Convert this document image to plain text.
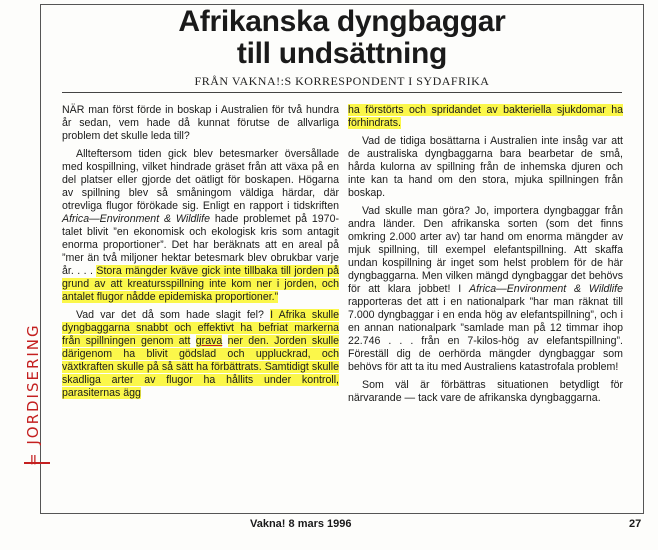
Afrikanska dyngbaggar
till undsättning

FRÅN VAKNA!:S KORRESPONDENT I SYDAFRIKA

NÄR man först förde in boskap i Australien för två hundra år sedan, vem hade då kunnat förutse de allvarliga problem det skulle leda till?

Allteftersom tiden gick blev betesmarker översållade med kospillning, vilket hindrade gräset från att växa på en del platser eller gjorde det oätligt för boskapen. Högarna av spillning blev så småningom väldiga härdar, där otrevliga flugor förökade sig. Enligt en rapport i tidskriften Africa—Environment & Wildlife hade problemet på 1970-talet blivit ”en ekonomisk och ekologisk kris som antagit enorma proportioner”. Det har beräknats att en areal på ”mer än två miljoner hektar betesmark blev obrukbar varje år. . . . Stora mängder kväve gick inte tillbaka till jorden på grund av att kreatursspillning inte kom ner i jorden, och antalet flugor nådde epidemiska proportioner.”

Vad var det då som hade slagit fel? I Afrika skulle dyngbaggarna snabbt och effektivt ha befriat markerna från spillningen genom att grava ner den. Jorden skulle därigenom ha blivit gödslad och uppluckrad, och växtkraften skulle på så sätt ha förbättrats. Samtidigt skulle skadliga arter av flugor ha hållits under kontroll, parasiternas ägg

ha förstörts och spridandet av bakteriella sjukdomar ha förhindrats.

Vad de tidiga bosättarna i Australien inte insåg var att de australiska dyngbaggarna bara bearbetar de små, hårda kulorna av spillning från de inhemska djuren och inte kan ta hand om den stora, mjuka spillningen från boskap.

Vad skulle man göra? Jo, importera dyngbaggar från andra länder. Den afrikanska sorten (som det finns omkring 2.000 arter av) tar hand om enorma mängder av mjuk spillning, till exempel elefantspillning. Att skaffa undan kospillning är inget som helst problem för de här dyngbaggarna. Men vilken mängd dyngbaggar det behövs för att klara jobbet! I Africa—Environment & Wildlife rapporteras det att i en nationalpark ”har man räknat till 7.000 dyngbaggar i en enda hög av elefantspillning”, och i en annan nationalpark ”samlade man på 12 timmar ihop 22.746 . . . från en 7-kilos-hög av elefantspillning”. Föreställ dig de oerhörda mängder dyngbaggar som behövs för att ta itu med Australiens katastrofala problem!

Som väl är förbättras situationen betydligt för närvarande — tack vare de afrikanska dyngbaggarna.

= JORDISERING
Vakna! 8 mars 1996	27
